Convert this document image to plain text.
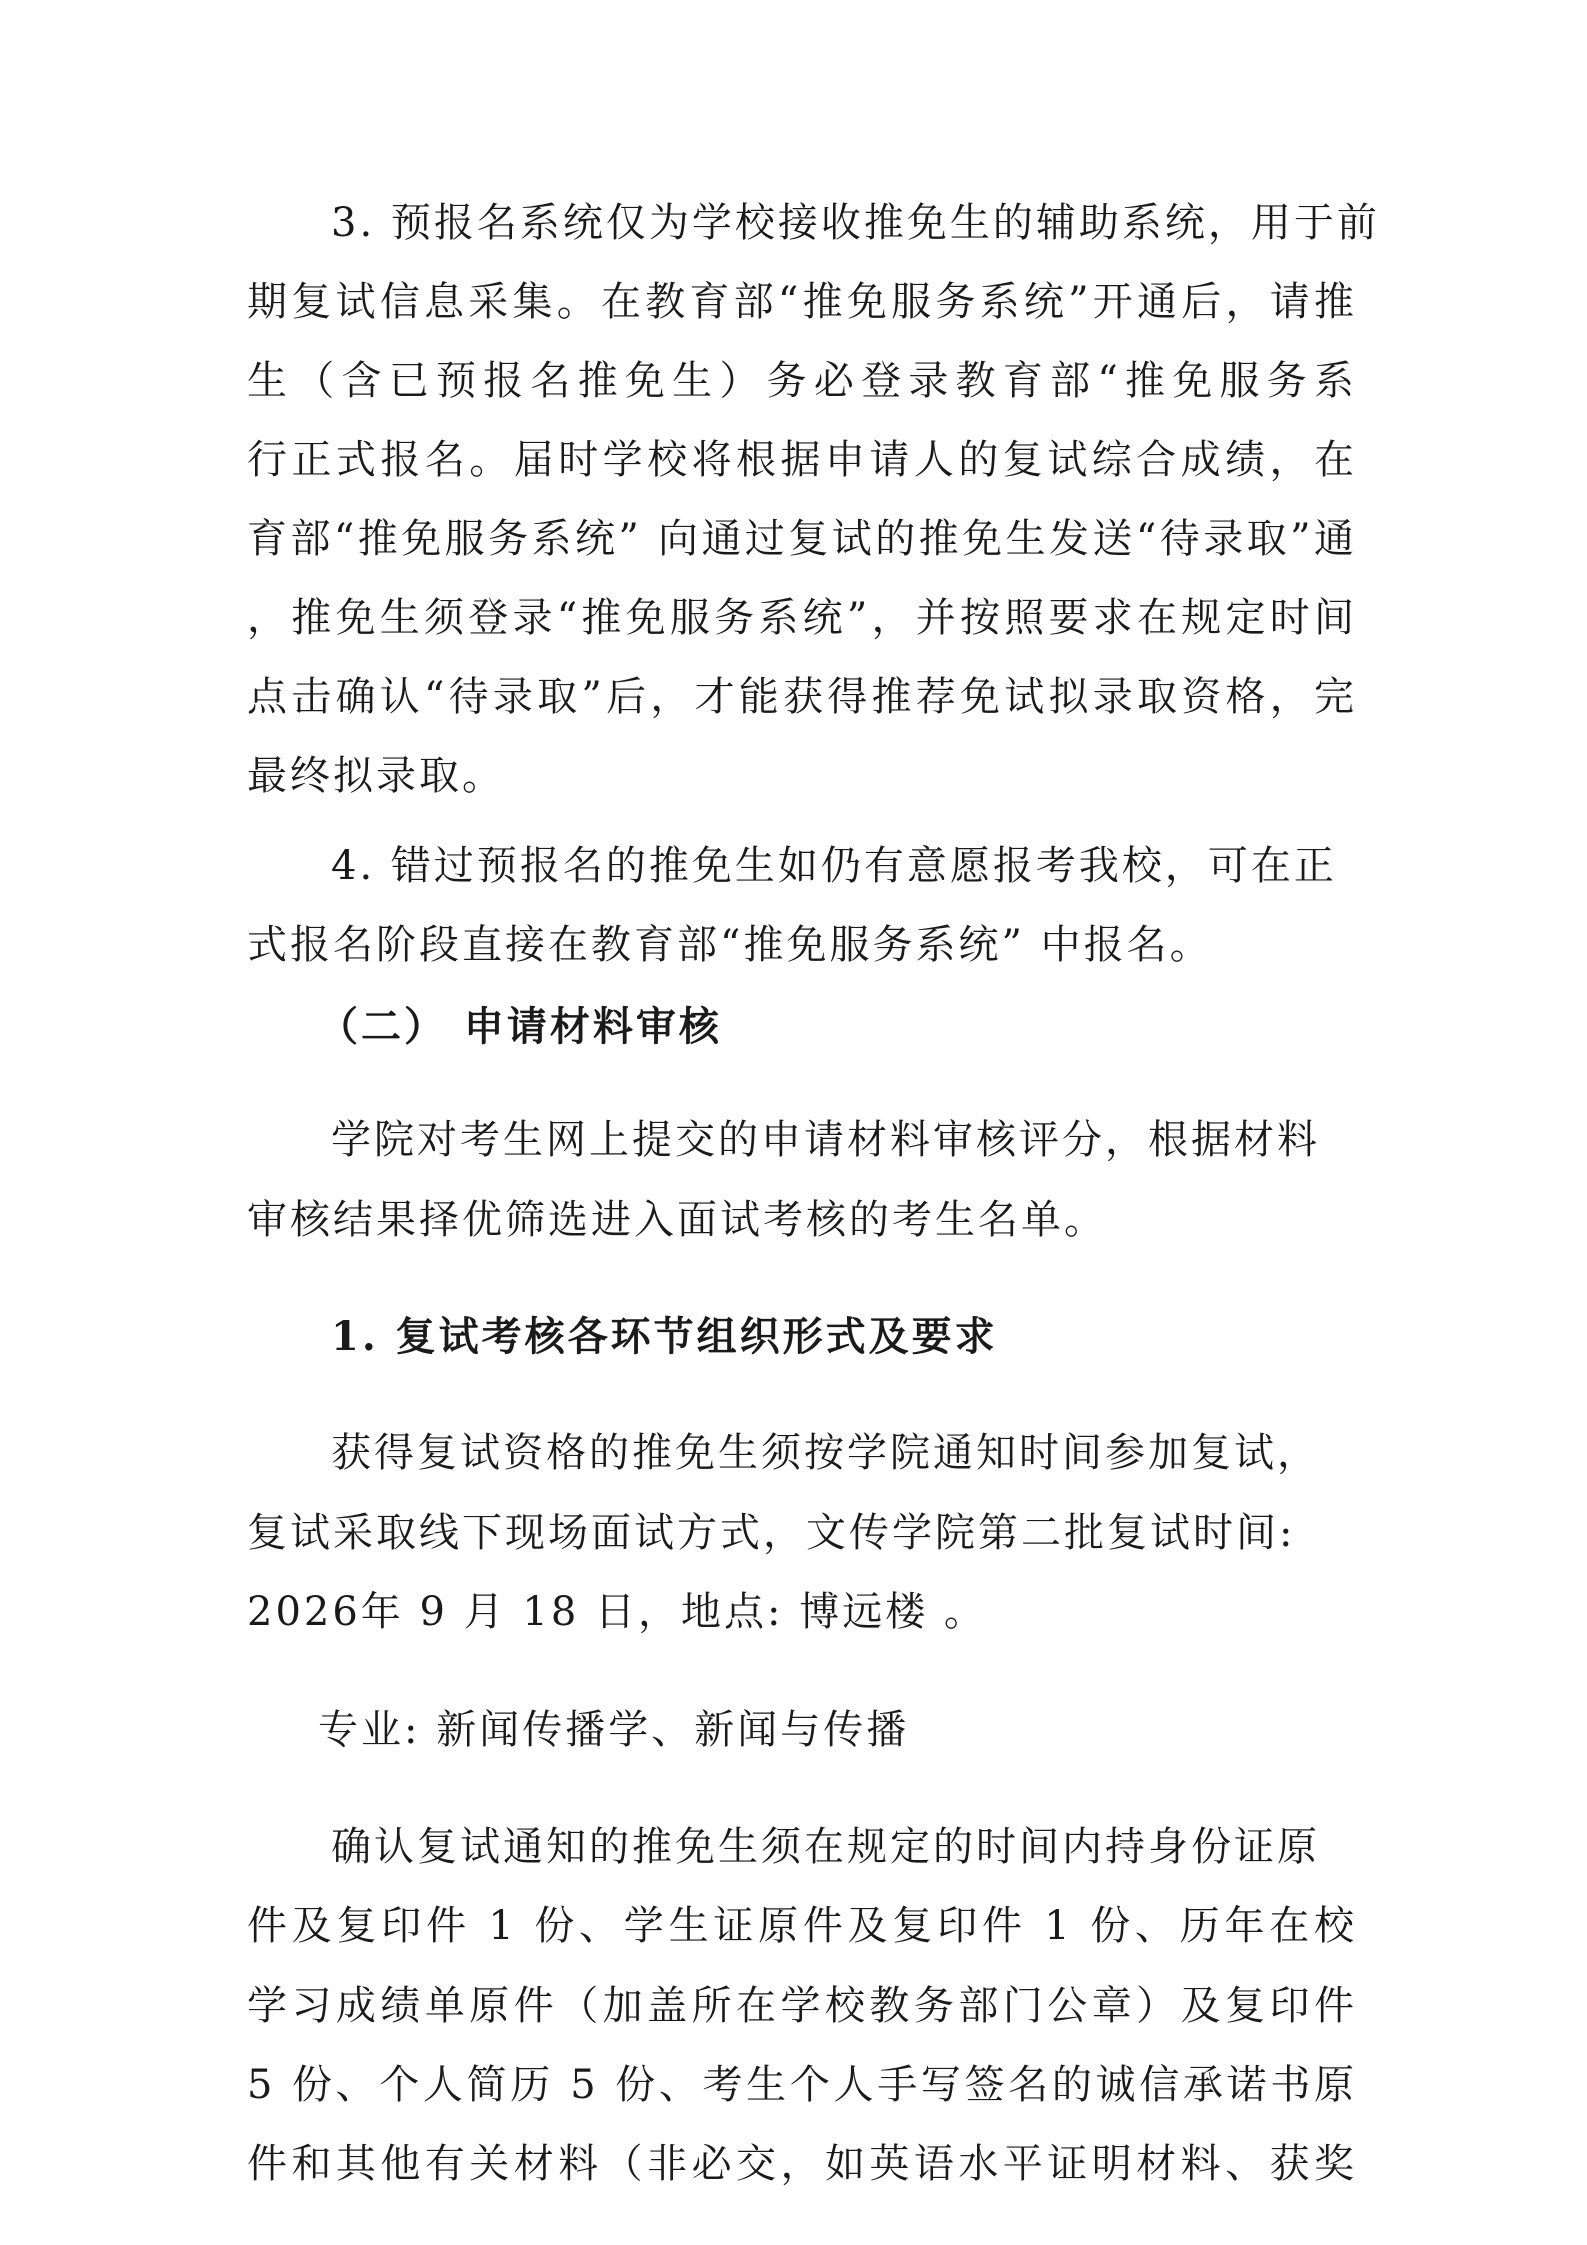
3. 预报名系统仅为学校接收推免生的辅助系统，用于前
期复试信息采集。在教育部“推免服务系统”开通后，请推
生（含已预报名推免生）务必登录教育部“推免服务系
行正式报名。届时学校将根据申请人的复试综合成绩，在
育部“推免服务系统” 向通过复试的推免生发送“待录取”通
，推免生须登录“推免服务系统”，并按照要求在规定时间
点击确认“待录取”后，才能获得推荐免试拟录取资格，完
最终拟录取。
4. 错过预报名的推免生如仍有意愿报考我校，可在正
式报名阶段直接在教育部“推免服务系统” 中报名。
（二） 申请材料审核
学院对考生网上提交的申请材料审核评分，根据材料
审核结果择优筛选进入面试考核的考生名单。
1. 复试考核各环节组织形式及要求
获得复试资格的推免生须按学院通知时间参加复试，
复试采取线下现场面试方式，文传学院第二批复试时间:
2026年 9 月 18 日，地点: 博远楼 。
专业: 新闻传播学、新闻与传播
确认复试通知的推免生须在规定的时间内持身份证原
件及复印件 1 份、学生证原件及复印件 1 份、历年在校
学习成绩单原件（加盖所在学校教务部门公章）及复印件
5 份、个人简历 5 份、考生个人手写签名的诚信承诺书原
件和其他有关材料（非必交，如英语水平证明材料、获奖
